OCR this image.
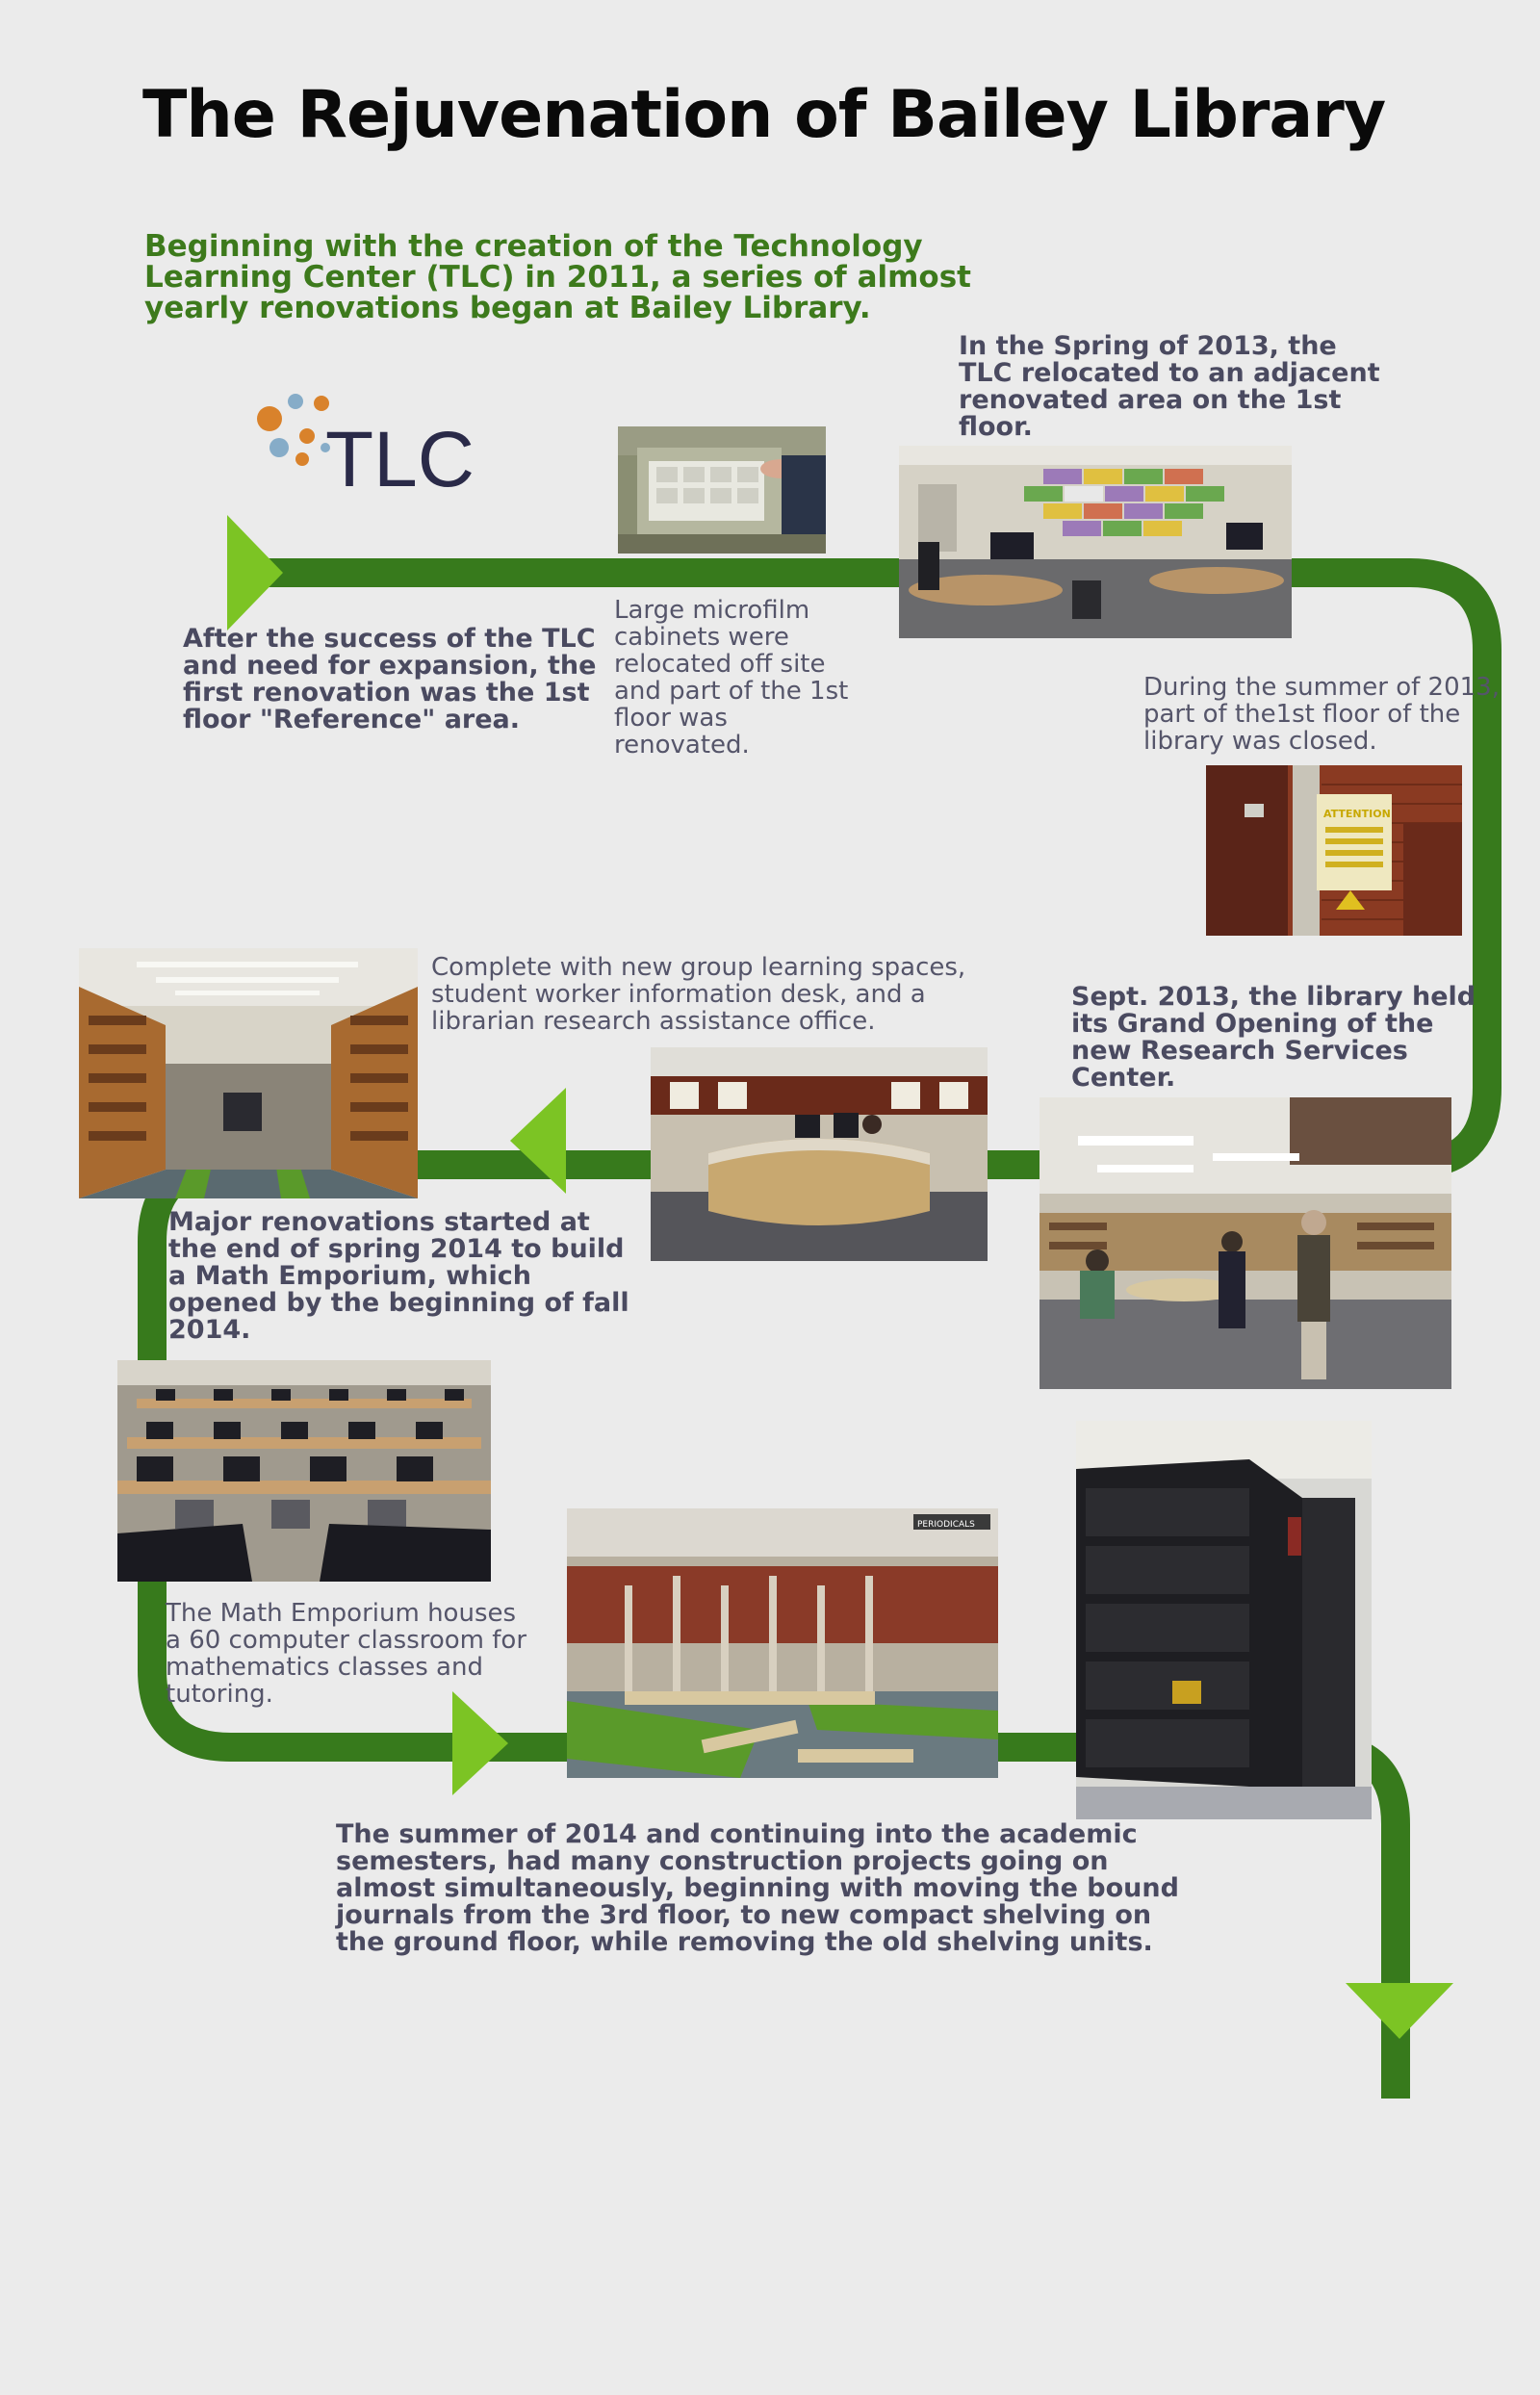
The Rejuvenation of Bailey Library
Beginning with the creation of the Technology Learning Center (TLC) in 2011, a series of almost yearly renovations began at Bailey Library.
TLC
ATTENTION
PERIODICALS
After the success of the TLC and need for expansion, the first renovation was the 1st floor "Reference" area.
Large microfilm cabinets were relocated off site and part of the 1st floor was renovated.
In the Spring of 2013, the TLC relocated to an adjacent renovated area on the 1st floor.
During the summer of 2013, part of the1st floor of the library was closed.
Sept. 2013, the library held its Grand Opening of the new Research Services Center.
Complete with new group learning spaces, student worker information desk, and a librarian research assistance office.
Major renovations started at the end of spring 2014 to build a Math Emporium, which opened by the beginning of fall 2014.
The Math Emporium houses a 60 computer classroom for mathematics classes and tutoring.
The summer of 2014 and continuing into the academic semesters, had many construction projects going on almost simultaneously, beginning with moving the bound journals from the 3rd floor, to new compact shelving on the ground floor, while removing the old shelving units.
